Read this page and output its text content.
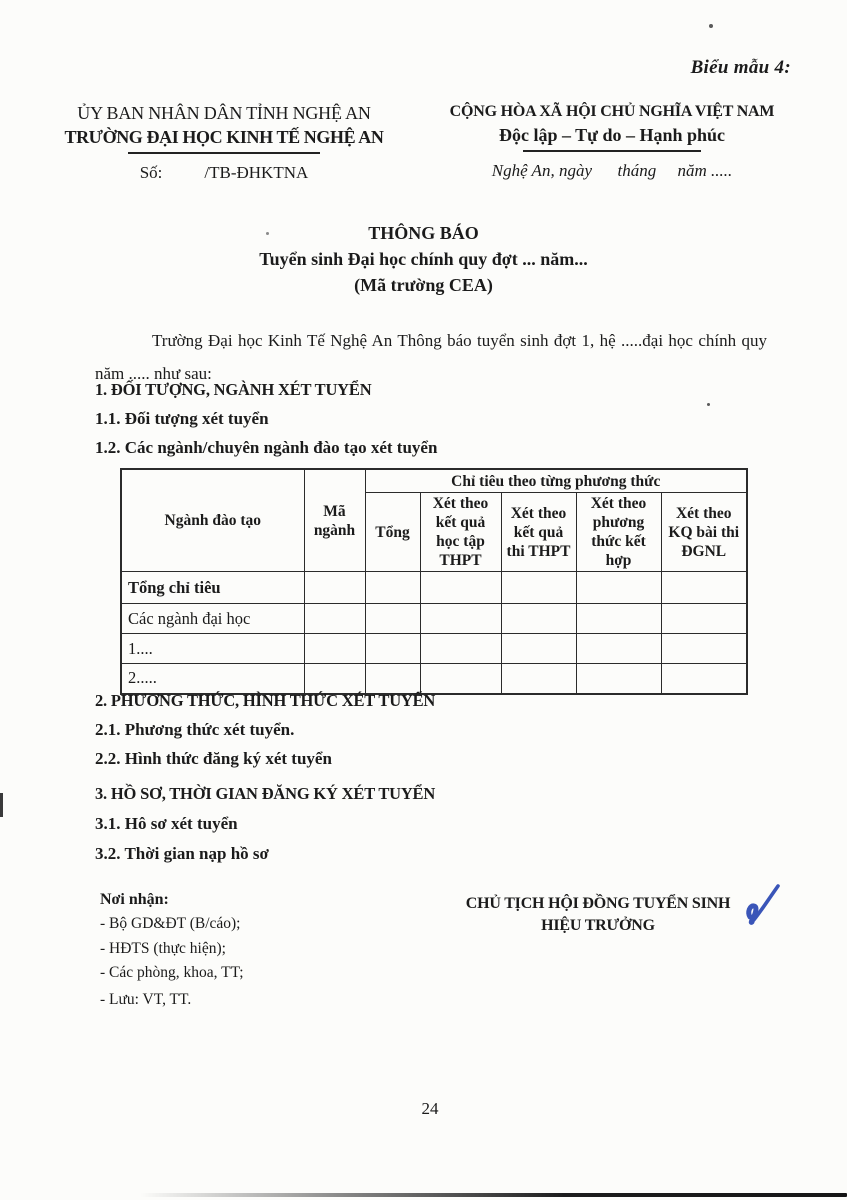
Biểu mẫu 4:
ỦY BAN NHÂN DÂN TỈNH NGHỆ AN
TRƯỜNG ĐẠI HỌC KINH TẾ NGHỆ AN
Số: /TB-ĐHKTNA
CỘNG HÒA XÃ HỘI CHỦ NGHĨA VIỆT NAM
Độc lập – Tự do – Hạnh phúc
Nghệ An, ngày      tháng     năm .....
THÔNG BÁO
Tuyển sinh Đại học chính quy đợt ... năm...
(Mã trường CEA)

Trường Đại học Kinh Tế Nghệ An Thông báo tuyển sinh đợt 1, hệ .....đại học chính quy năm ..... như sau:

1. ĐỐI TƯỢNG, NGÀNH XÉT TUYỂN
1.1. Đối tượng xét tuyển
1.2. Các ngành/chuyên ngành đào tạo xét tuyển
Ngành đào tạo	Mã ngành	Chỉ tiêu theo từng phương thức				
		Tổng	Xét theo kết quả học tập THPT	Xét theo kết quả thi THPT	Xét theo phương thức kết hợp	Xét theo KQ bài thi ĐGNL
Tổng chỉ tiêu						
Các ngành đại học						
1....						
2.....						
2. PHƯƠNG THỨC, HÌNH THỨC XÉT TUYỂN
2.1. Phương thức xét tuyển.
2.2. Hình thức đăng ký xét tuyển
3. HỒ SƠ, THỜI GIAN ĐĂNG KÝ XÉT TUYỂN
3.1. Hô sơ xét tuyển
3.2. Thời gian nạp hồ sơ
Nơi nhận:
- Bộ GD&ĐT (B/cáo);
- HĐTS (thực hiện);
- Các phòng, khoa, TT;
- Lưu: VT, TT.
CHỦ TỊCH HỘI ĐỒNG TUYỂN SINH
HIỆU TRƯỞNG
24
